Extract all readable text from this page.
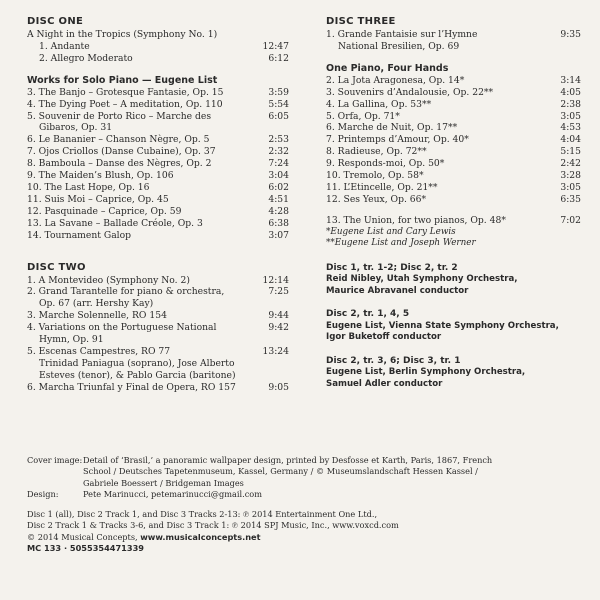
DISC ONE
A Night in the Tropics (Symphony No. 1)
1. Andante	12:47
2. Allegro Moderato	6:12
Works for Solo Piano — Eugene List
3. The Banjo – Grotesque Fantasie, Op. 15	3:59
4. The Dying Poet – A meditation, Op. 110	5:54
5. Souvenir de Porto Rico – Marche des	6:05
Gibaros, Op. 31
6. Le Bananier – Chanson Nègre, Op. 5	2:53
7. Ojos Criollos (Danse Cubaine), Op. 37	2:32
8. Bamboula – Danse des Nègres, Op. 2	7:24
9. The Maiden’s Blush, Op. 106	3:04
10. The Last Hope, Op. 16	6:02
11. Suis Moi – Caprice, Op. 45	4:51
12. Pasquinade – Caprice, Op. 59	4:28
13. La Savane – Ballade Créole, Op. 3	6:38
14. Tournament Galop	3:07
DISC TWO
1. A Montevideo (Symphony No. 2)	12:14
2. Grand Tarantelle for piano & orchestra,	7:25
Op. 67 (arr. Hershy Kay)
3. Marche Solennelle, RO 154	9:44
4. Variations on the Portuguese National	9:42
Hymn, Op. 91
5. Escenas Campestres, RO 77	13:24
Trinidad Paniagua (soprano), Jose Alberto
Esteves (tenor), & Pablo Garcia (baritone)
6. Marcha Triunfal y Final de Opera, RO 157	9:05
DISC THREE
1. Grande Fantaisie sur l’Hymne	9:35
National Bresilien, Op. 69
One Piano, Four Hands
2. La Jota Aragonesa, Op. 14*	3:14
3. Souvenirs d’Andalousie, Op. 22**	4:05
4. La Gallina, Op. 53**	2:38
5. Orfa, Op. 71*	3:05
6. Marche de Nuit, Op. 17**	4:53
7. Printemps d’Amour, Op. 40*	4:04
8. Radieuse, Op. 72**	5:15
9. Responds-moi, Op. 50*	2:42
10. Tremolo, Op. 58*	3:28
11. L’Etincelle, Op. 21**	3:05
12. Ses Yeux, Op. 66*	6:35
13. The Union, for two pianos, Op. 48*	7:02
*Eugene List and Cary Lewis
**Eugene List and Joseph Werner
Disc 1, tr. 1-2; Disc 2, tr. 2
Reid Nibley, Utah Symphony Orchestra,
Maurice Abravanel conductor
Disc 2, tr. 1, 4, 5
Eugene List, Vienna State Symphony Orchestra,
Igor Buketoff conductor
Disc 2, tr. 3, 6; Disc 3, tr. 1
Eugene List, Berlin Symphony Orchestra,
Samuel Adler conductor
Cover image: Detail of ‘Brasil,’ a panoramic wallpaper design, printed by Desfosse et Karth, Paris, 1867, French
School / Deutsches Tapetenmuseum, Kassel, Germany / © Museumslandschaft Hessen Kassel /
Gabriele Boessert / Bridgeman Images
Design:	Pete Marinucci, petemarinucci@gmail.com
Disc 1 (all), Disc 2 Track 1, and Disc 3 Tracks 2-13: ℗ 2014 Entertainment One Ltd.,
Disc 2 Track 1 & Tracks 3-6, and Disc 3 Track 1: ℗ 2014 SPJ Music, Inc., www.voxcd.com
© 2014 Musical Concepts, www.musicalconcepts.net
MC 133 · 5055354471339
